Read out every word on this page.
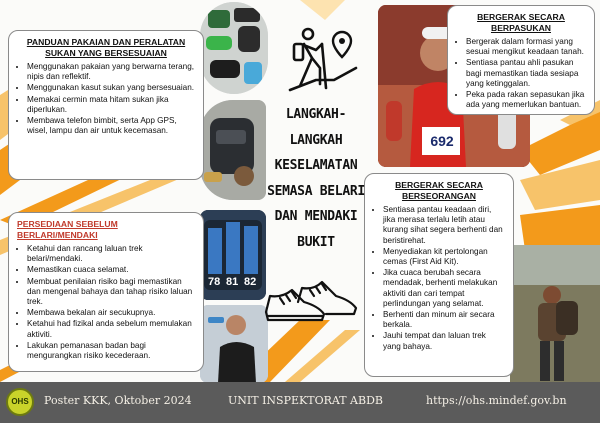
78 81 82
692
PANDUAN PAKAIAN DAN PERALATAN SUKAN YANG BERSESUAIAN
• Menggunakan pakaian yang berwarna terang, nipis dan reflektif.
• Menggunakan kasut sukan yang bersesuaian.
• Memakai cermin mata hitam sukan jika diperlukan.
• Membawa telefon bimbit, serta App GPS, wisel, lampu dan air untuk kecemasan.
PERSEDIAAN SEBELUM BERLARI/MENDAKI
• Ketahui dan rancang laluan trek belari/mendaki.
• Memastikan cuaca selamat.
• Membuat penilaian risiko bagi memastikan dan mengenal bahaya dan tahap risiko laluan trek.
• Membawa bekalan air secukupnya.
• Ketahui had fizikal anda sebelum memulakan aktiviti.
• Lakukan pemanasan badan bagi mengurangkan risiko kecederaan.
BERGERAK SECARA BERPASUKAN
• Bergerak dalam formasi yang sesuai mengikut keadaan tanah.
• Sentiasa pantau ahli pasukan bagi memastikan tiada sesiapa yang ketinggalan.
• Peka pada rakan sepasukan jika ada yang memerlukan bantuan.
BERGERAK SECARA BERSEORANGAN
• Sentiasa pantau keadaan diri, jika merasa terlalu letih atau kurang sihat segera berhenti dan beristirehat.
• Menyediakan kit pertolongan cemas (First Aid Kit).
• Jika cuaca berubah secara mendadak, berhenti melakukan aktiviti dan cari tempat perlindungan yang selamat.
• Berhenti dan minum air secara berkala.
• Jauhi tempat dan laluan trek yang bahaya.
LANGKAH-
LANGKAH
KESELAMATAN
SEMASA BELARI
DAN MENDAKI
BUKIT
OHS	Poster KKK, Oktober 2024	UNIT INSPEKTORAT ABDB	https://ohs.mindef.gov.bn
